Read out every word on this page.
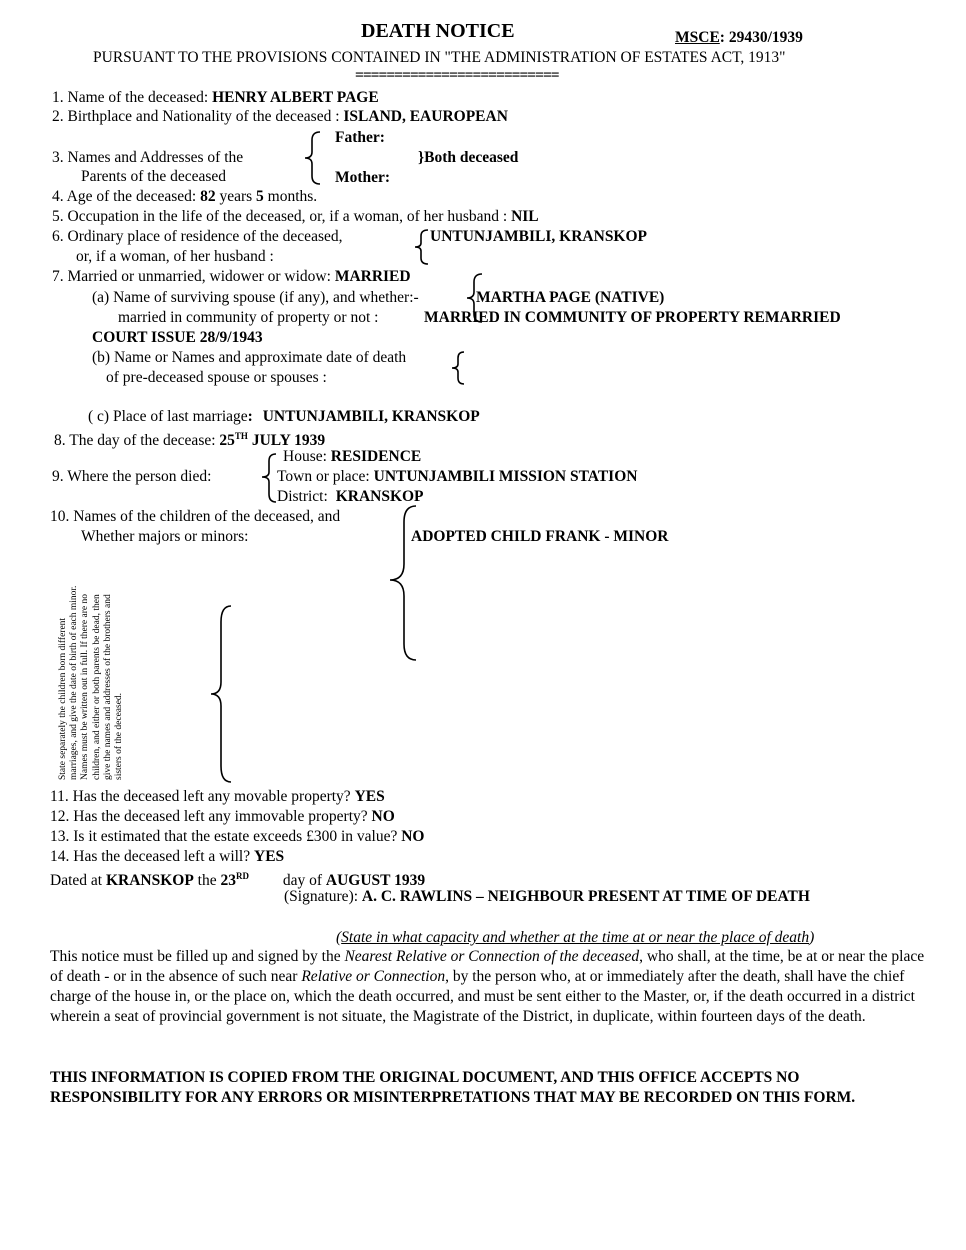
DEATH NOTICE	MSCE: 29430/1939
PURSUANT TO THE PROVISIONS CONTAINED IN "THE ADMINISTRATION OF ESTATES ACT, 1913"
==========================
1. Name of the deceased: HENRY ALBERT PAGE
2. Birthplace and Nationality of the deceased : ISLAND, EAUROPEAN
3. Names and Addresses of the
Parents of the deceased
Father:
Mother:
}Both deceased
4. Age of the deceased: 82 years 5 months.
5. Occupation in the life of the deceased, or, if a woman, of her husband : NIL
6. Ordinary place of residence of the deceased,
or, if a woman, of her husband :
UNTUNJAMBILI, KRANSKOP
7. Married or unmarried, widower or widow: MARRIED
(a) Name of surviving spouse (if any), and whether:-	MARTHA PAGE (NATIVE)
married in community of property or not :	MARRIED IN COMMUNITY OF PROPERTY REMARRIED
COURT ISSUE 28/9/1943
(b) Name or Names and approximate date of death
of pre-deceased spouse or spouses :
( c) Place of last marriage: UNTUNJAMBILI, KRANSKOP
8. The day of the decease: 25TH JULY 1939
9. Where the person died:
House: RESIDENCE
Town or place: UNTUNJAMBILI MISSION STATION
District: KRANSKOP
10. Names of the children of the deceased, and
Whether majors or minors:	ADOPTED CHILD FRANK - MINOR
State separately the children born different marriages, and give the date of birth of each minor. Names must be written out in full. If there are no children, and either or both parents be dead, then give the names and addresses of the brothers and sisters of the deceased.
11. Has the deceased left any movable property? YES
12. Has the deceased left any immovable property? NO
13. Is it estimated that the estate exceeds £300 in value? NO
14. Has the deceased left a will? YES
Dated at KRANSKOP the 23RD day of AUGUST 1939
(Signature): A. C. RAWLINS – NEIGHBOUR PRESENT AT TIME OF DEATH
(State in what capacity and whether at the time at or near the place of death)
This notice must be filled up and signed by the Nearest Relative or Connection of the deceased, who shall, at the time, be at or near the place of death - or in the absence of such near Relative or Connection, by the person who, at or immediately after the death, shall have the chief charge of the house in, or the place on, which the death occurred, and must be sent either to the Master, or, if the death occurred in a district wherein a seat of provincial government is not situate, the Magistrate of the District, in duplicate, within fourteen days of the death.
THIS INFORMATION IS COPIED FROM THE ORIGINAL DOCUMENT, AND THIS OFFICE ACCEPTS NO RESPONSIBILITY FOR ANY ERRORS OR MISINTERPRETATIONS THAT MAY BE RECORDED ON THIS FORM.
